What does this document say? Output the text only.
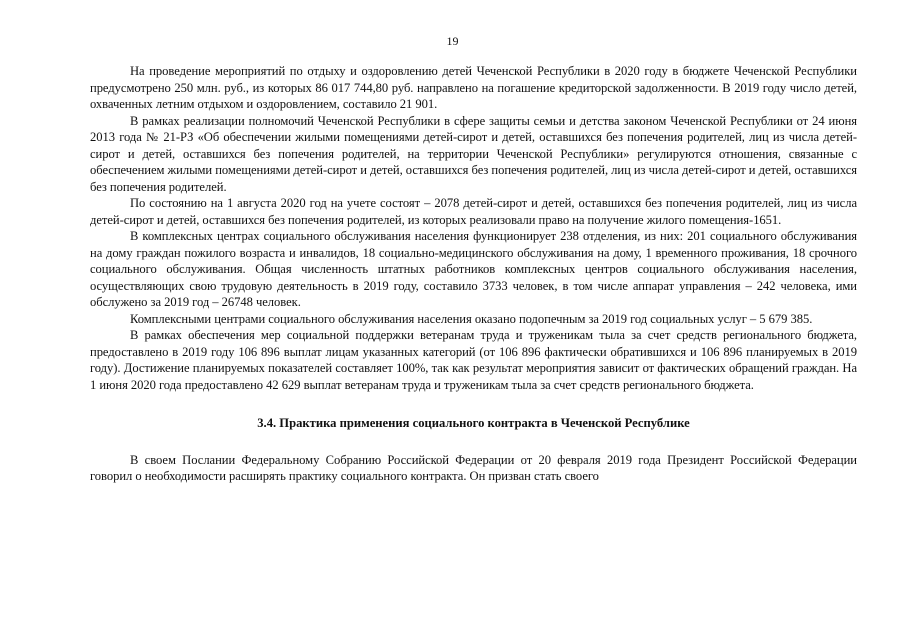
19

На проведение мероприятий по отдыху и оздоровлению детей Чеченской Республики в 2020 году в бюджете Чеченской Республики предусмотрено 250 млн. руб., из которых 86 017 744,80 руб. направлено на погашение кредиторской задолженности. В 2019 году число детей, охваченных летним отдыхом и оздоровлением, составило 21 901.

В рамках реализации полномочий Чеченской Республики в сфере защиты семьи и детства законом Чеченской Республики от 24 июня 2013 года № 21-РЗ «Об обеспечении жилыми помещениями детей-сирот и детей, оставшихся без попечения родителей, лиц из числа детей-сирот и детей, оставшихся без попечения родителей, на территории Чеченской Республики» регулируются отношения, связанные с обеспечением жилыми помещениями детей-сирот и детей, оставшихся без попечения родителей, лиц из числа детей-сирот и детей, оставшихся без попечения родителей.

По состоянию на 1 августа 2020 год на учете состоят – 2078 детей-сирот и детей, оставшихся без попечения родителей, лиц из числа детей-сирот и детей, оставшихся без попечения родителей, из которых реализовали право на получение жилого помещения-1651.

В комплексных центрах социального обслуживания населения функционирует 238 отделения, из них: 201 социального обслуживания на дому граждан пожилого возраста и инвалидов, 18 социально-медицинского обслуживания на дому, 1 временного проживания, 18 срочного социального обслуживания. Общая численность штатных работников комплексных центров социального обслуживания населения, осуществляющих свою трудовую деятельность в 2019 году, составило 3733 человек, в том числе аппарат управления – 242 человека, ими обслужено за 2019 год – 26748 человек.

Комплексными центрами социального обслуживания населения оказано подопечным за 2019 год социальных услуг – 5 679 385.

В рамках обеспечения мер социальной поддержки ветеранам труда и труженикам тыла за счет средств регионального бюджета, предоставлено в 2019 году 106 896 выплат лицам указанных категорий (от 106 896 фактически обратившихся и 106 896 планируемых в 2019 году). Достижение планируемых показателей составляет 100%, так как результат мероприятия зависит от фактических обращений граждан. На 1 июня 2020 года предоставлено 42 629 выплат ветеранам труда и труженикам тыла за счет средств регионального бюджета.

3.4. Практика применения социального контракта в Чеченской Республике

В своем Послании Федеральному Собранию Российской Федерации от 20 февраля 2019 года Президент Российской Федерации говорил о необходимости расширять практику социального контракта. Он призван стать своего
